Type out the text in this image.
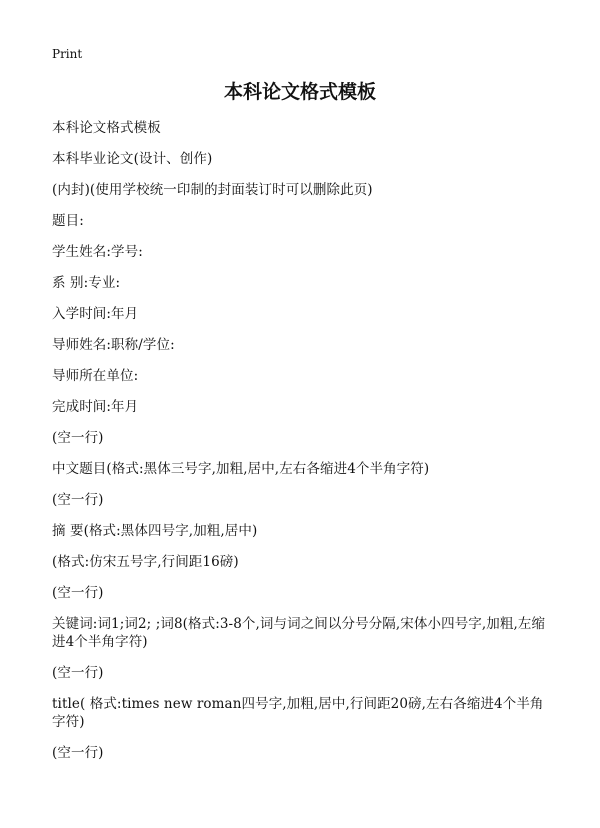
Print
本科论文格式模板
本科论文格式模板
本科毕业论文(设计、创作)
(内封)(使用学校统一印制的封面装订时可以删除此页)
题目:
学生姓名:学号:
系 别:专业:
入学时间:年月
导师姓名:职称/学位:
导师所在单位:
完成时间:年月
(空一行)
中文题目(格式:黑体三号字,加粗,居中,左右各缩进4个半角字符)
(空一行)
摘 要(格式:黑体四号字,加粗,居中)
(格式:仿宋五号字,行间距16磅)
(空一行)
关键词:词1;词2; ;词8(格式:3-8个,词与词之间以分号分隔,宋体小四号字,加粗,左缩进4个半角字符)
(空一行)
title( 格式:times new roman四号字,加粗,居中,行间距20磅,左右各缩进4个半角字符)
(空一行)
